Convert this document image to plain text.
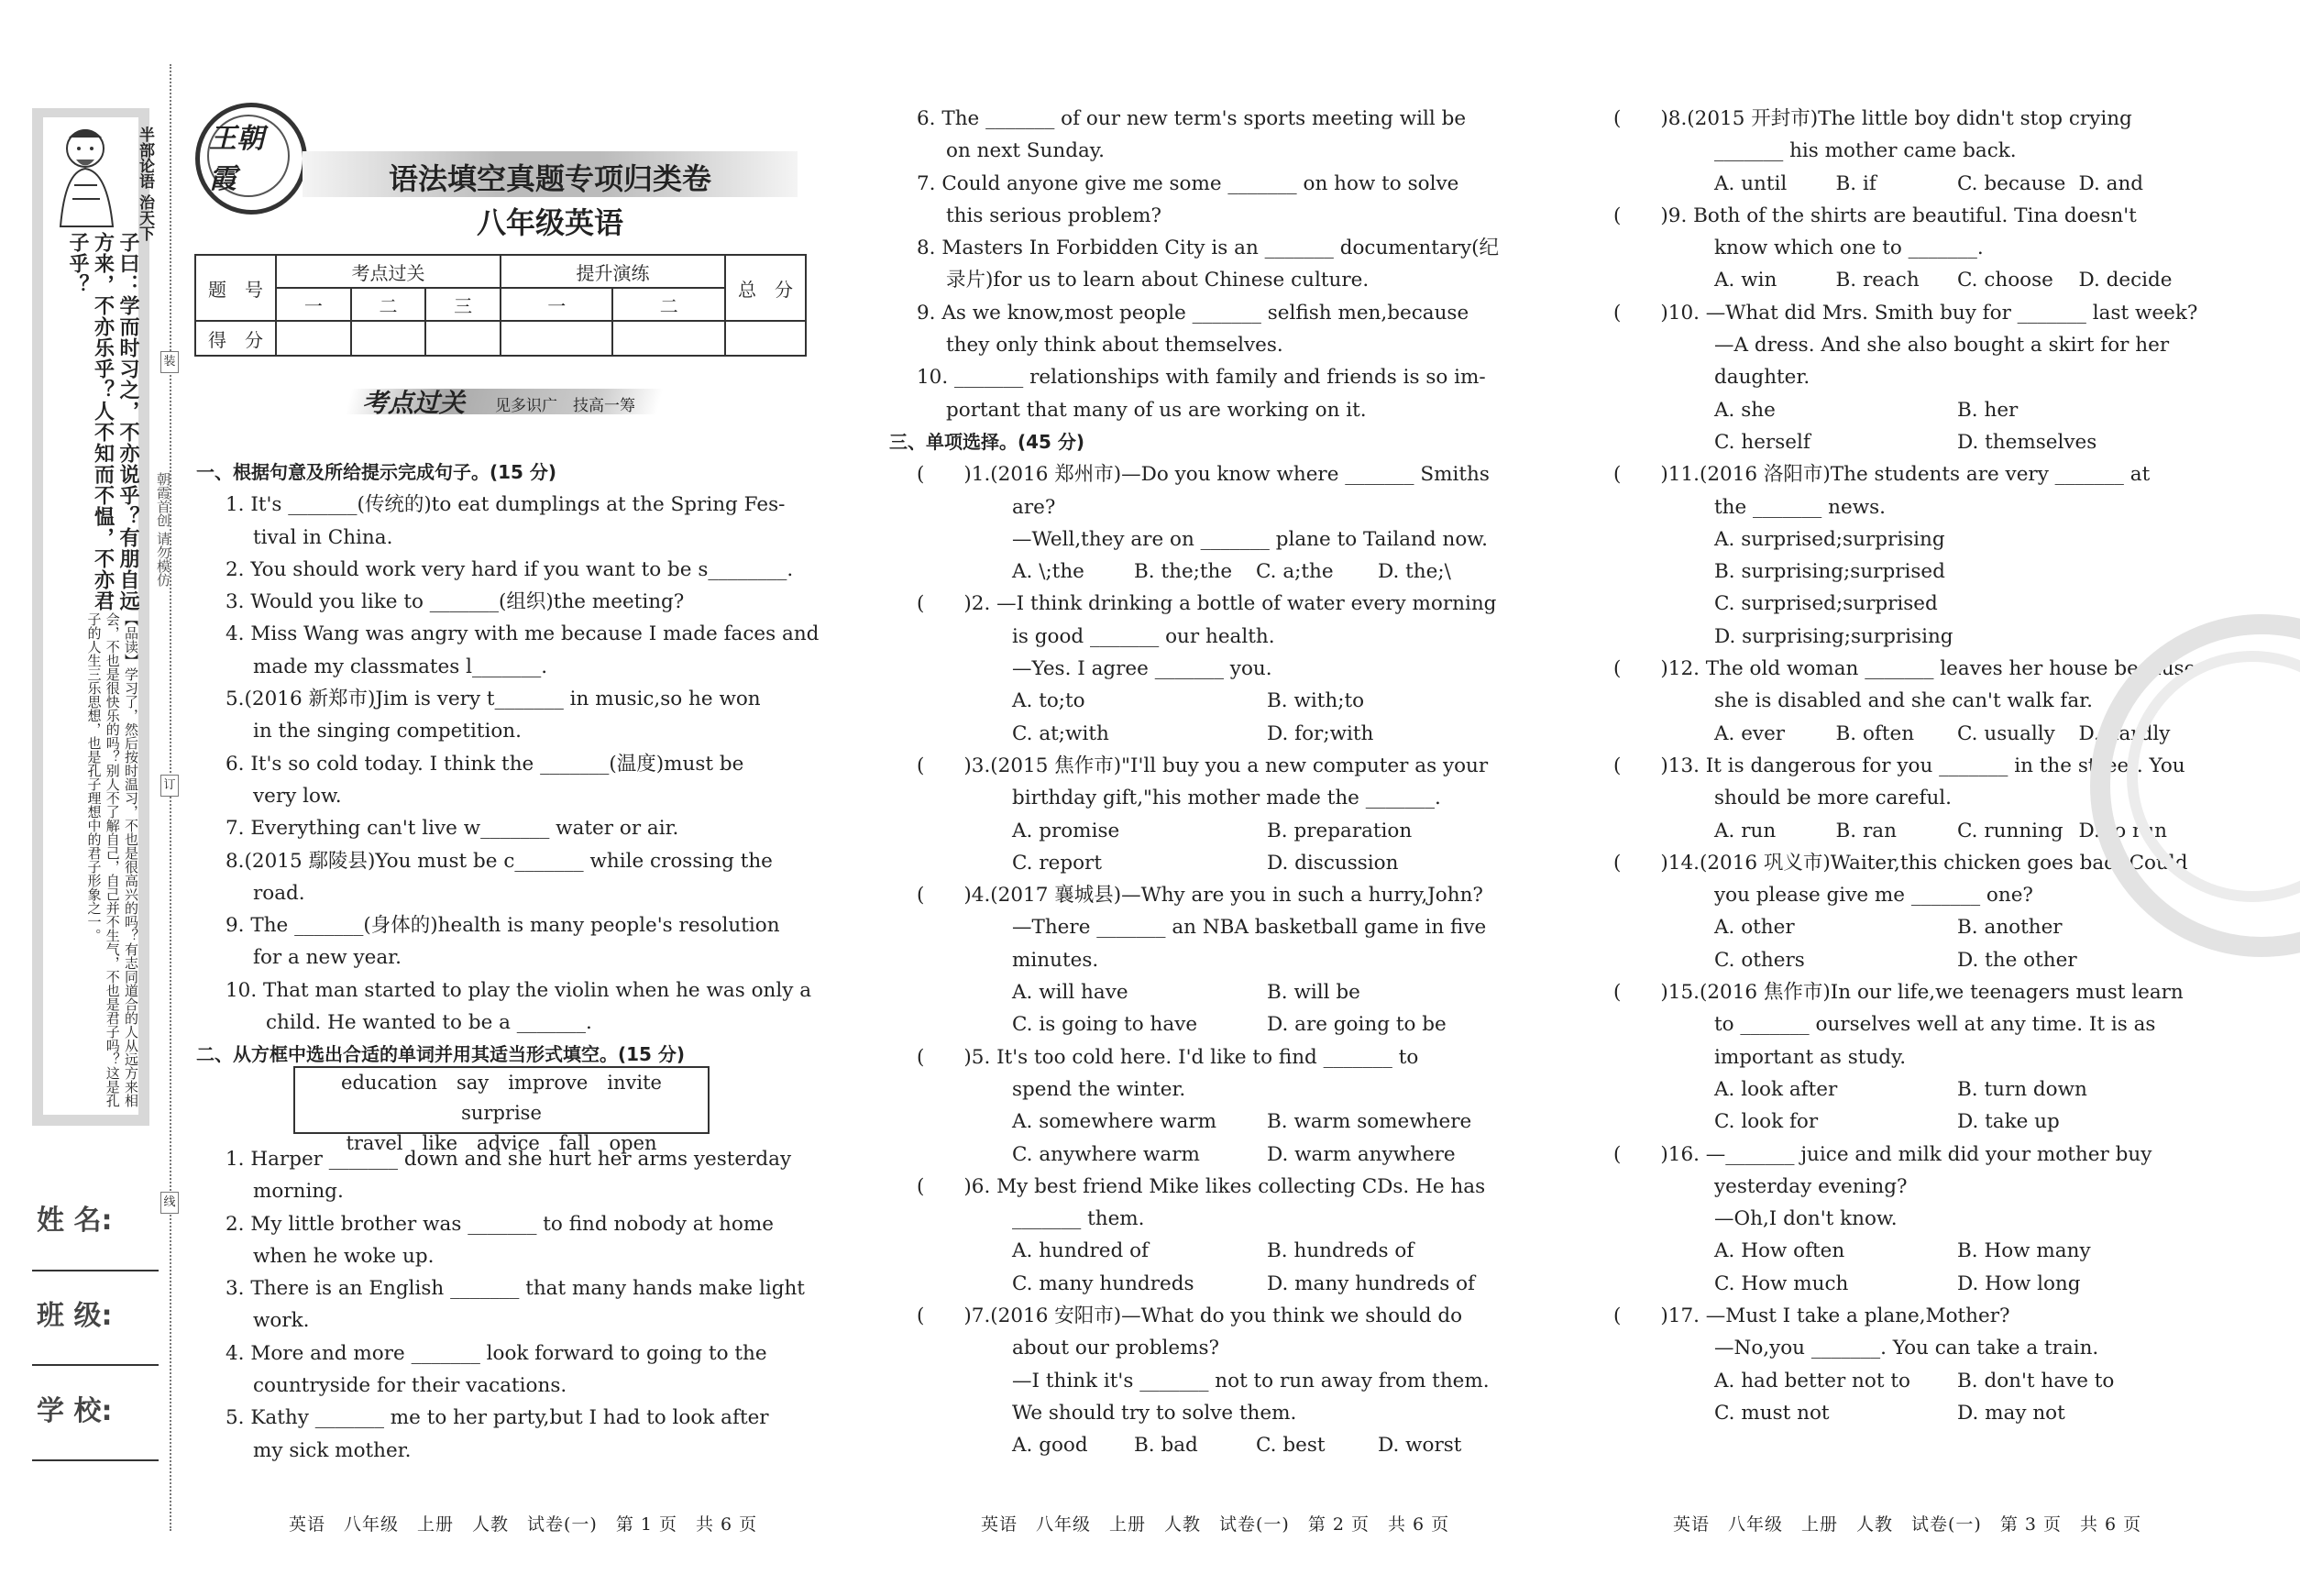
半部论语 治天下
子曰：学而时习之，不亦说乎？有朋自远方来，不亦乐乎？人不知而不愠，不亦君子乎？
【品读】学习了，然后按时温习，不也是很高兴的吗？有志同道合的人从远方来相会，不也是很快乐的吗？别人不了解自己，自己并不生气，不也是君子吗？这是孔子的人生三乐思想，也是孔子理想中的君子形象之一。
姓 名:
班 级:
学 校:
装
朝霞首创 请勿模仿
订
线
王朝霞	语法填空真题专项归类卷
八年级英语
题　号	考点过关			提升演练		总　分
	一	二	三	一	二	
得　分						
考点过关 见多识广　技高一筹

一、根据句意及所给提示完成句子。(15 分)

1. It's _______(传统的)to eat dumplings at the Spring Fes-

tival in China.

2. You should work very hard if you want to be s________.

3. Would you like to _______(组织)the meeting?

4. Miss Wang was angry with me because I made faces and

made my classmates l_______.

5.(2016 新郑市)Jim is very t_______ in music,so he won

in the singing competition.

6. It's so cold today. I think the _______(温度)must be

very low.

7. Everything can't live w_______ water or air.

8.(2015 鄢陵县)You must be c_______ while crossing the

road.

9. The _______(身体的)health is many people's resolution

for a new year.

10. That man started to play the violin when he was only a

child. He wanted to be a _______.

二、从方框中选出合适的单词并用其适当形式填空。(15 分)

education　say　improve　invite　surprise
travel　like　advice　fall　open

1. Harper _______ down and she hurt her arms yesterday

morning.

2. My little brother was _______ to find nobody at home

when he woke up.

3. There is an English _______ that many hands make light

work.

4. More and more _______ look forward to going to the

countryside for their vacations.

5. Kathy _______ me to her party,but I had to look after

my sick mother.

英语　八年级　上册　人教　试卷(一)　第 1 页　共 6 页

6. The _______ of our new term's sports meeting will be

on next Sunday.

7. Could anyone give me some _______ on how to solve

this serious problem?

8. Masters In Forbidden City is an _______ documentary(纪

录片)for us to learn about Chinese culture.

9. As we know,most people _______ selfish men,because

they only think about themselves.

10. _______ relationships with family and friends is so im-

portant that many of us are working on it.

三、单项选择。(45 分)

(　　)1.(2016 郑州市)—Do you know where _______ Smiths

are?

—Well,they are on _______ plane to Tailand now.

A. \;the	B. the;the	C. a;the	D. the;\

(　　)2. —I think drinking a bottle of water every morning

is good _______ our health.

—Yes. I agree _______ you.

A. to;to	B. with;to

C. at;with	D. for;with

(　　)3.(2015 焦作市)"I'll buy you a new computer as your

birthday gift,"his mother made the _______.

A. promise	B. preparation

C. report	D. discussion

(　　)4.(2017 襄城县)—Why are you in such a hurry,John?

—There _______ an NBA basketball game in five

minutes.

A. will have	B. will be

C. is going to have	D. are going to be

(　　)5. It's too cold here. I'd like to find _______ to

spend the winter.

A. somewhere warm	B. warm somewhere

C. anywhere warm	D. warm anywhere

(　　)6. My best friend Mike likes collecting CDs. He has

_______ them.

A. hundred of	B. hundreds of

C. many hundreds	D. many hundreds of

(　　)7.(2016 安阳市)—What do you think we should do

about our problems?

—I think it's _______ not to run away from them.

We should try to solve them.

A. good	B. bad	C. best	D. worst

英语　八年级　上册　人教　试卷(一)　第 2 页　共 6 页

(　　)8.(2015 开封市)The little boy didn't stop crying

_______ his mother came back.

A. until	B. if	C. because D. and

(　　)9. Both of the shirts are beautiful. Tina doesn't

know which one to _______.

A. win	B. reach	C. choose	D. decide

(　　)10. —What did Mrs. Smith buy for _______ last week?

—A dress. And she also bought a skirt for her

daughter.

A. she	B. her

C. herself	D. themselves

(　　)11.(2016 洛阳市)The students are very _______ at

the _______ news.

A. surprised;surprising

B. surprising;surprised

C. surprised;surprised

D. surprising;surprising

(　　)12. The old woman _______ leaves her house because

she is disabled and she can't walk far.

A. ever	B. often	C. usually	D. hardly

(　　)13. It is dangerous for you _______ in the street. You

should be more careful.

A. run	B. ran	C. running D. to run

(　　)14.(2016 巩义市)Waiter,this chicken goes bad. Could

you please give me _______ one?

A. other	B. another

C. others	D. the other

(　　)15.(2016 焦作市)In our life,we teenagers must learn

to _______ ourselves well at any time. It is as

important as study.

A. look after	B. turn down

C. look for	D. take up

(　　)16. —_______ juice and milk did your mother buy

yesterday evening?

—Oh,I don't know.

A. How often	B. How many

C. How much	D. How long

(　　)17. —Must I take a plane,Mother?

—No,you _______. You can take a train.

A. had better not to	B. don't have to

C. must not	D. may not

英语　八年级　上册　人教　试卷(一)　第 3 页　共 6 页
